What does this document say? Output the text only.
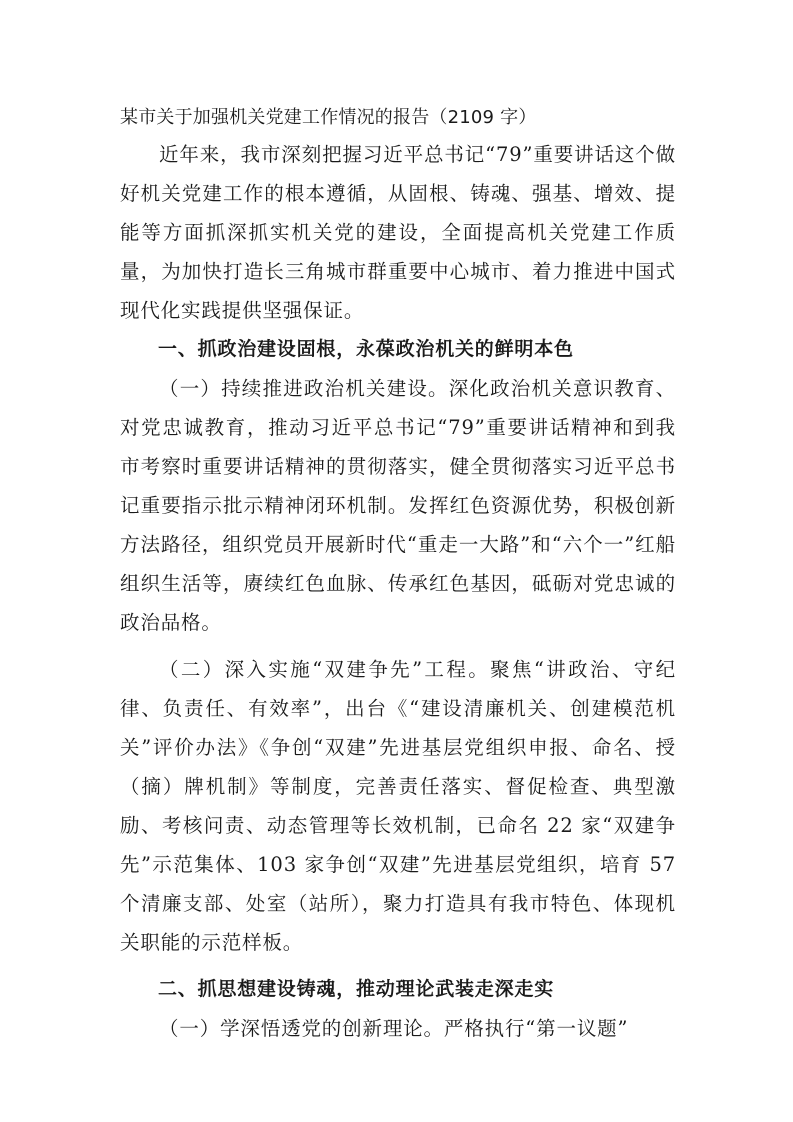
某市关于加强机关党建工作情况的报告（2109 字）

近年来，我市深刻把握习近平总书记“79”重要讲话这个做好机关党建工作的根本遵循，从固根、铸魂、强基、增效、提能等方面抓深抓实机关党的建设，全面提高机关党建工作质量，为加快打造长三角城市群重要中心城市、着力推进中国式现代化实践提供坚强保证。

一、抓政治建设固根，永葆政治机关的鲜明本色

（一）持续推进政治机关建设。深化政治机关意识教育、对党忠诚教育，推动习近平总书记“79”重要讲话精神和到我市考察时重要讲话精神的贯彻落实，健全贯彻落实习近平总书记重要指示批示精神闭环机制。发挥红色资源优势，积极创新方法路径，组织党员开展新时代“重走一大路”和“六个一”红船组织生活等，赓续红色血脉、传承红色基因，砥砺对党忠诚的政治品格。

（二）深入实施“双建争先”工程。聚焦“讲政治、守纪律、负责任、有效率”，出台《“建设清廉机关、创建模范机关”评价办法》《争创“双建”先进基层党组织申报、命名、授（摘）牌机制》等制度，完善责任落实、督促检查、典型激励、考核问责、动态管理等长效机制，已命名 22 家“双建争先”示范集体、103 家争创“双建”先进基层党组织，培育 57 个清廉支部、处室（站所），聚力打造具有我市特色、体现机关职能的示范样板。

二、抓思想建设铸魂，推动理论武装走深走实

（一）学深悟透党的创新理论。严格执行“第一议题”
